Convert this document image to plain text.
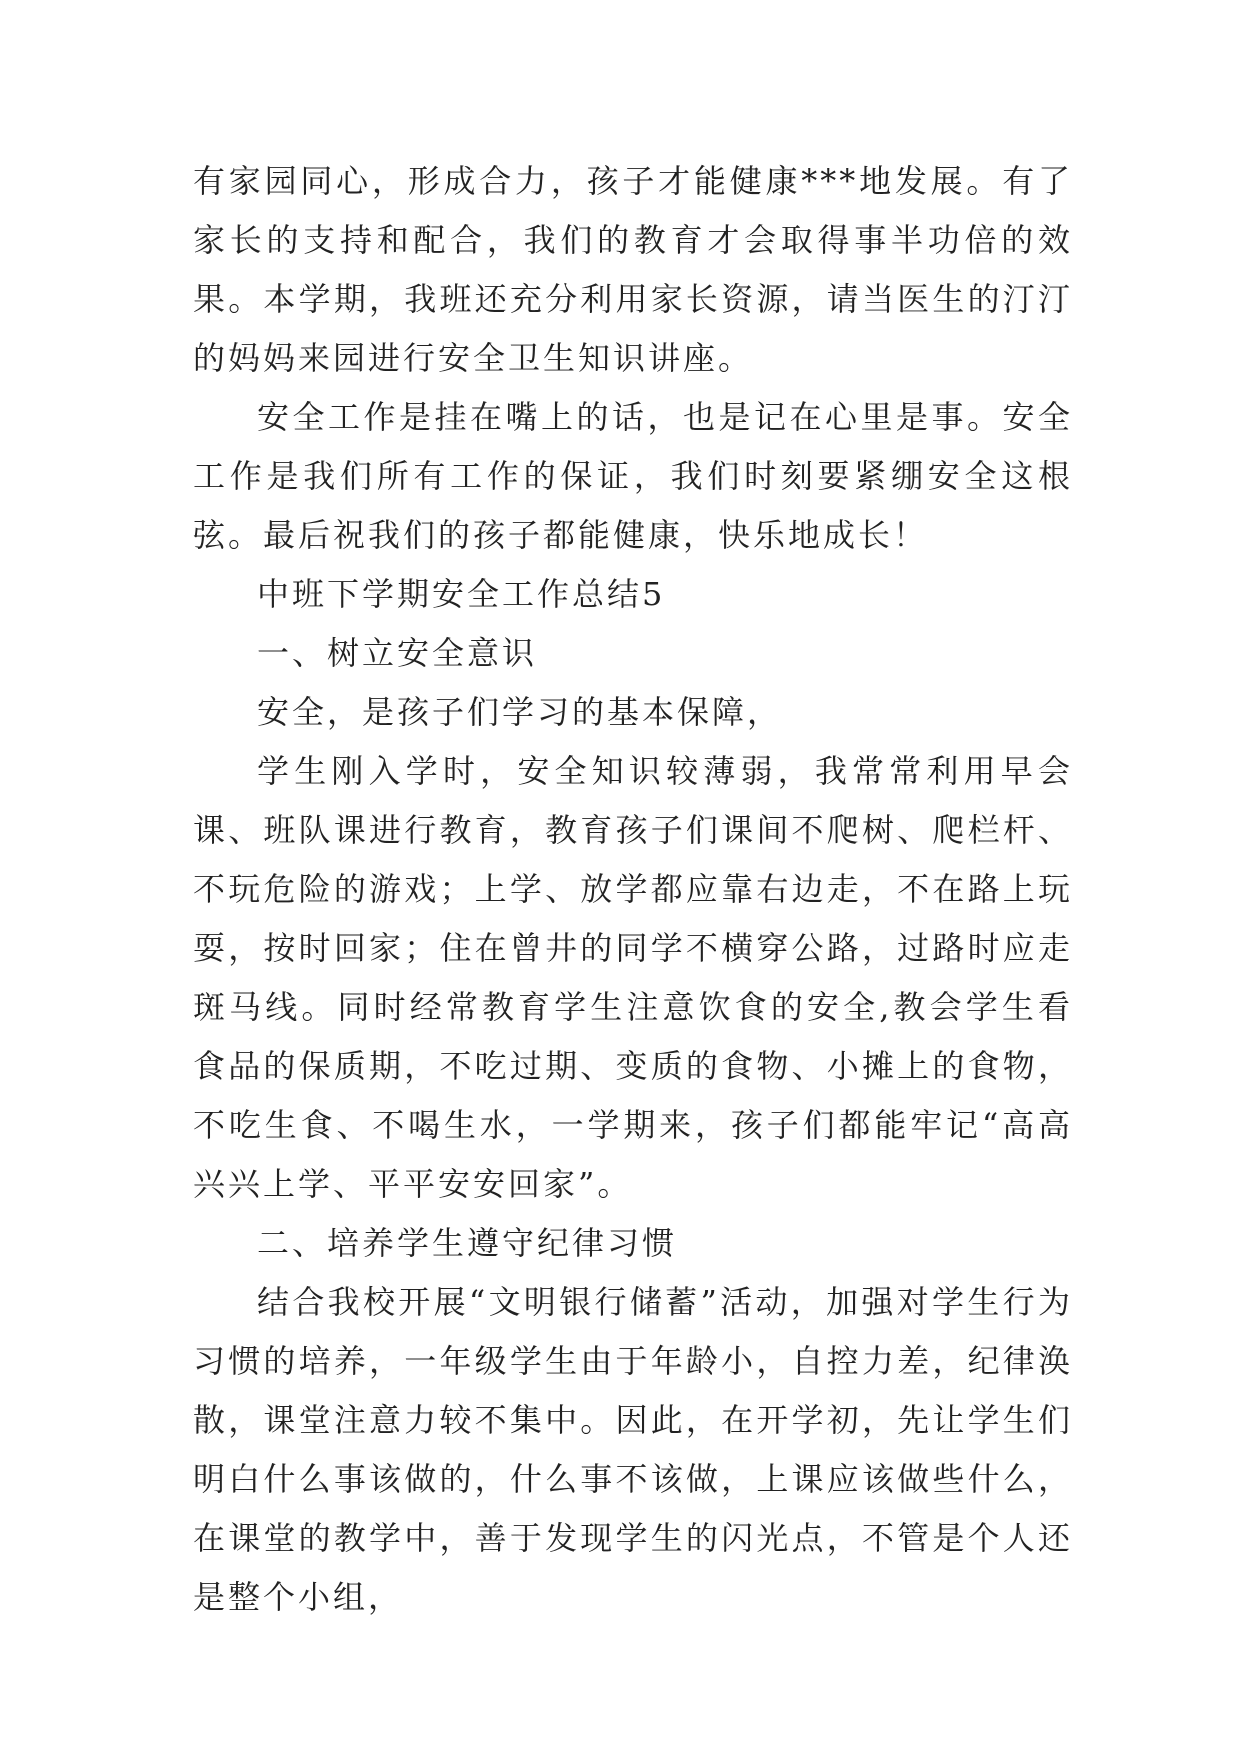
有家园同心，形成合力，孩子才能健康***地发展。有了家长的支持和配合，我们的教育才会取得事半功倍的效果。本学期，我班还充分利用家长资源，请当医生的汀汀的妈妈来园进行安全卫生知识讲座。

安全工作是挂在嘴上的话，也是记在心里是事。安全工作是我们所有工作的保证，我们时刻要紧绷安全这根弦。最后祝我们的孩子都能健康，快乐地成长！

中班下学期安全工作总结5

一、树立安全意识

安全，是孩子们学习的基本保障，

学生刚入学时，安全知识较薄弱，我常常利用早会课、班队课进行教育，教育孩子们课间不爬树、爬栏杆、不玩危险的游戏；上学、放学都应靠右边走，不在路上玩耍，按时回家；住在曾井的同学不横穿公路，过路时应走斑马线。同时经常教育学生注意饮食的安全,教会学生看食品的保质期，不吃过期、变质的食物、小摊上的食物，不吃生食、不喝生水，一学期来，孩子们都能牢记“高高兴兴上学、平平安安回家”。

二、培养学生遵守纪律习惯

结合我校开展“文明银行储蓄”活动，加强对学生行为习惯的培养，一年级学生由于年龄小，自控力差，纪律涣散，课堂注意力较不集中。因此，在开学初，先让学生们明白什么事该做的，什么事不该做，上课应该做些什么，在课堂的教学中，善于发现学生的闪光点，不管是个人还是整个小组，
